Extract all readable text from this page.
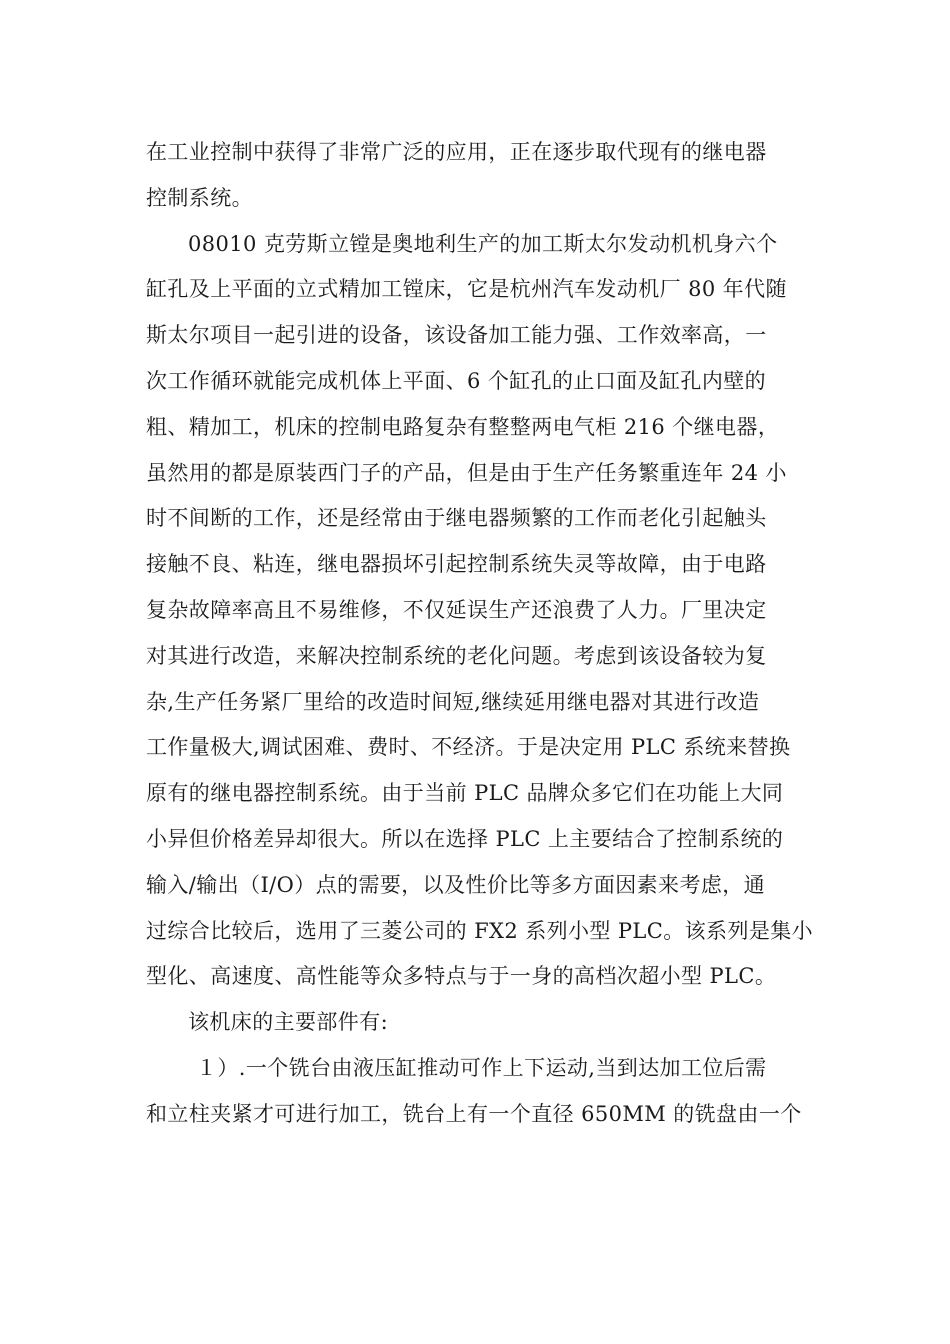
在工业控制中获得了非常广泛的应用，正在逐步取代现有的继电器
控制系统。
08010 克劳斯立镗是奥地利生产的加工斯太尔发动机机身六个
缸孔及上平面的立式精加工镗床，它是杭州汽车发动机厂 80 年代随
斯太尔项目一起引进的设备，该设备加工能力强、工作效率高，一
次工作循环就能完成机体上平面、6 个缸孔的止口面及缸孔内壁的
粗、精加工，机床的控制电路复杂有整整两电气柜 216 个继电器，
虽然用的都是原装西门子的产品，但是由于生产任务繁重连年 24 小
时不间断的工作，还是经常由于继电器频繁的工作而老化引起触头
接触不良、粘连，继电器损坏引起控制系统失灵等故障，由于电路
复杂故障率高且不易维修，不仅延误生产还浪费了人力。厂里决定
对其进行改造，来解决控制系统的老化问题。考虑到该设备较为复
杂,生产任务紧厂里给的改造时间短,继续延用继电器对其进行改造
工作量极大,调试困难、费时、不经济。于是决定用 PLC 系统来替换
原有的继电器控制系统。由于当前 PLC 品牌众多它们在功能上大同
小异但价格差异却很大。所以在选择 PLC 上主要结合了控制系统的
输入/输出（I/O）点的需要，以及性价比等多方面因素来考虑，通
过综合比较后，选用了三菱公司的 FX2 系列小型 PLC。该系列是集小
型化、高速度、高性能等众多特点与于一身的高档次超小型 PLC。
该机床的主要部件有:
１）.一个铣台由液压缸推动可作上下运动,当到达加工位后需
和立柱夹紧才可进行加工，铣台上有一个直径 650MM 的铣盘由一个
